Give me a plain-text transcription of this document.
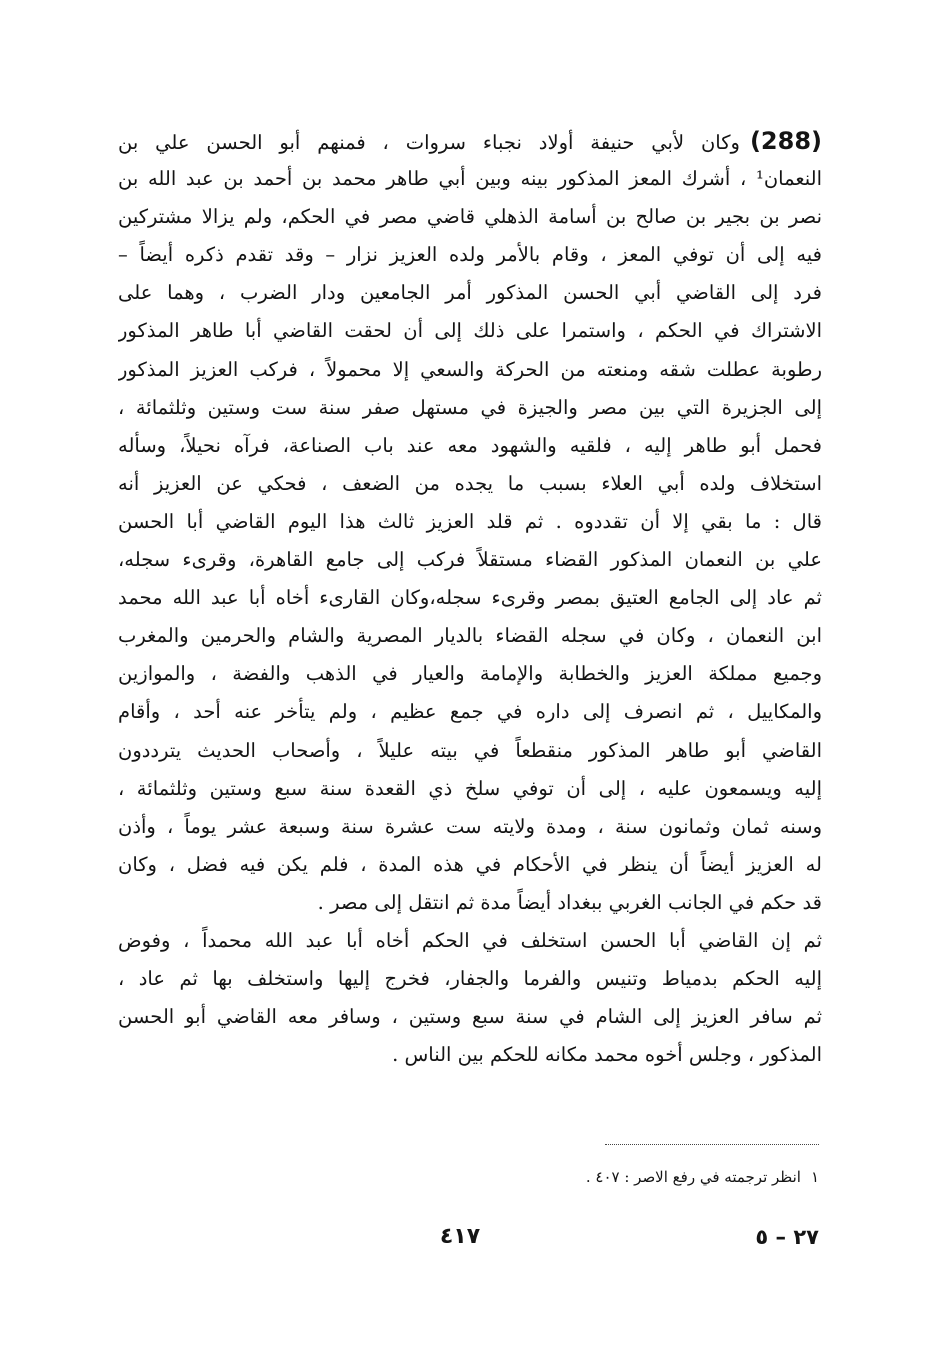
(288)وكان لأبي حنيفة أولاد نجباء سروات ، فمنهم أبو الحسن علي بن
النعمان¹ ، أشرك المعز المذكور بينه وبين أبي طاهر محمد بن أحمد بن عبد الله بن
نصر بن بجير بن صالح بن أسامة الذهلي قاضي مصر في الحكم، ولم يزالا مشتركين
فيه إلى أن توفي المعز ، وقام بالأمر ولده العزيز نزار – وقد تقدم ذكره أيضاً –
فرد إلى القاضي أبي الحسن المذكور أمر الجامعين ودار الضرب ، وهما على
الاشتراك في الحكم ، واستمرا على ذلك إلى أن لحقت القاضي أبا طاهر المذكور
رطوبة عطلت شقه ومنعته من الحركة والسعي إلا محمولاً ، فركب العزيز المذكور
إلى الجزيرة التي بين مصر والجيزة في مستهل صفر سنة ست وستين وثلثمائة ،
فحمل أبو طاهر إليه ، فلقيه والشهود معه عند باب الصناعة، فرآه نحيلاً، وسأله
استخلاف ولده أبي العلاء بسبب ما يجده من الضعف ، فحكي عن العزيز أنه
قال : ما بقي إلا أن تقددوه . ثم قلد العزيز ثالث هذا اليوم القاضي أبا الحسن
علي بن النعمان المذكور القضاء مستقلاً فركب إلى جامع القاهرة، وقرىء سجله،
ثم عاد إلى الجامع العتيق بمصر وقرىء سجله،وكان القارىء أخاه أبا عبد الله محمد
ابن النعمان ، وكان في سجله القضاء بالديار المصرية والشام والحرمين والمغرب
وجميع مملكة العزيز والخطابة والإمامة والعيار في الذهب والفضة ، والموازين
والمكاييل ، ثم انصرف إلى داره في جمع عظيم ، ولم يتأخر عنه أحد ، وأقام
القاضي أبو طاهر المذكور منقطعاً في بيته عليلاً ، وأصحاب الحديث يترددون
إليه ويسمعون عليه ، إلى أن توفي سلخ ذي القعدة سنة سبع وستين وثلثمائة ،
وسنه ثمان وثمانون سنة ، ومدة ولايته ست عشرة سنة وسبعة عشر يوماً ، وأذن
له العزيز أيضاً أن ينظر في الأحكام في هذه المدة ، فلم يكن فيه فضل ، وكان
قد حكم في الجانب الغربي ببغداد أيضاً مدة ثم انتقل إلى مصر .
ثم إن القاضي أبا الحسن استخلف في الحكم أخاه أبا عبد الله محمداً ، وفوض
إليه الحكم بدمياط وتنيس والفرما والجفار، فخرج إليها واستخلف بها ثم عاد ،
ثم سافر العزيز إلى الشام في سنة سبع وستين ، وسافر معه القاضي أبو الحسن
المذكور ، وجلس أخوه محمد مكانه للحكم بين الناس .
١انظر ترجمته في رفع الاصر : ٤٠٧ .
٢٧ – ٥
٤١٧
